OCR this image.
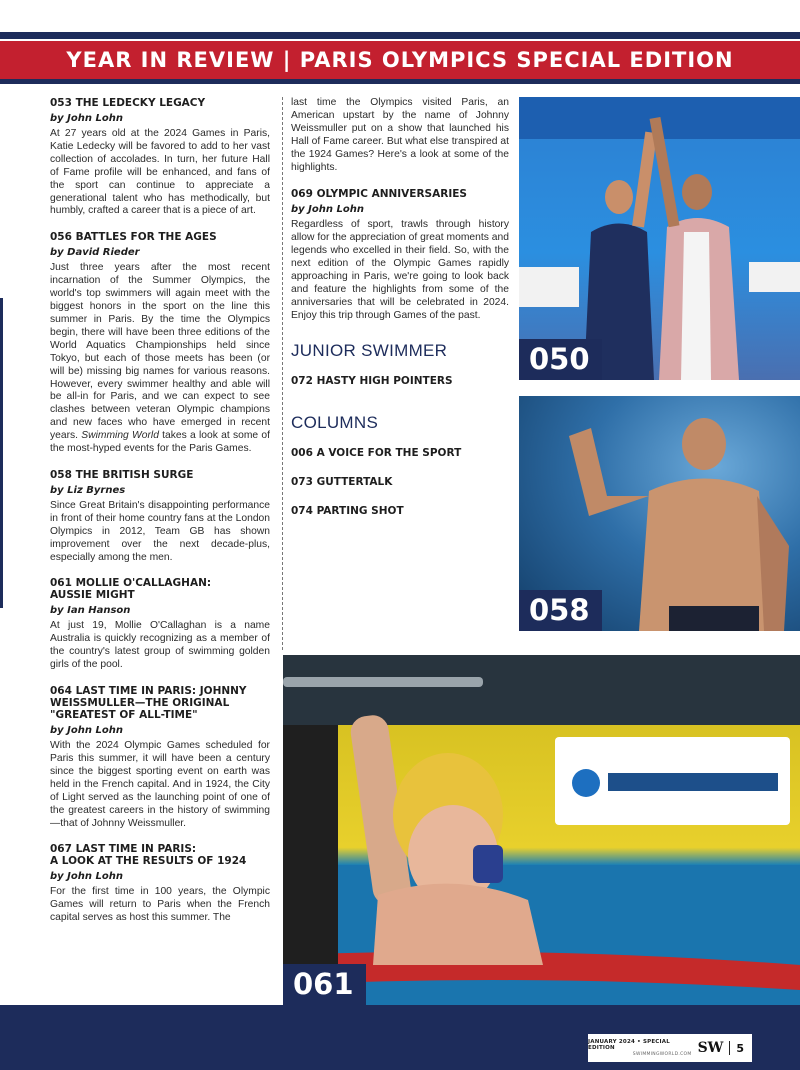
YEAR IN REVIEW | PARIS OLYMPICS SPECIAL EDITION
053 THE LEDECKY LEGACY
by John Lohn
At 27 years old at the 2024 Games in Paris, Katie Ledecky will be favored to add to her vast collection of accolades. In turn, her future Hall of Fame profile will be enhanced, and fans of the sport can continue to appreciate a generational talent who has methodically, but humbly, crafted a career that is a piece of art.
056 BATTLES FOR THE AGES
by David Rieder
Just three years after the most recent incarnation of the Summer Olympics, the world's top swimmers will again meet with the biggest honors in the sport on the line this summer in Paris. By the time the Olympics begin, there will have been three editions of the World Aquatics Championships held since Tokyo, but each of those meets has been (or will be) missing big names for various reasons. However, every swimmer healthy and able will be all-in for Paris, and we can expect to see clashes between veteran Olympic champions and new faces who have emerged in recent years. Swimming World takes a look at some of the most-hyped events for the Paris Games.
058 THE BRITISH SURGE
by Liz Byrnes
Since Great Britain's disappointing performance in front of their home country fans at the London Olympics in 2012, Team GB has shown improvement over the next decade-plus, especially among the men.
061 MOLLIE O'CALLAGHAN:
AUSSIE MIGHT
by Ian Hanson
At just 19, Mollie O'Callaghan is a name Australia is quickly recognizing as a member of the country's latest group of swimming golden girls of the pool.
064 LAST TIME IN PARIS: JOHNNY WEISSMULLER—THE ORIGINAL "GREATEST OF ALL-TIME"
by John Lohn
With the 2024 Olympic Games scheduled for Paris this summer, it will have been a century since the biggest sporting event on earth was held in the French capital. And in 1924, the City of Light served as the launching point of one of the greatest careers in the history of swimming—that of Johnny Weissmuller.
067 LAST TIME IN PARIS:
A LOOK AT THE RESULTS OF 1924
by John Lohn
For the first time in 100 years, the Olympic Games will return to Paris when the French capital serves as host this summer. The
last time the Olympics visited Paris, an American upstart by the name of Johnny Weissmuller put on a show that launched his Hall of Fame career. But what else transpired at the 1924 Games? Here's a look at some of the highlights.
069 OLYMPIC ANNIVERSARIES
by John Lohn
Regardless of sport, trawls through history allow for the appreciation of great moments and legends who excelled in their field. So, with the next edition of the Olympic Games rapidly approaching in Paris, we're going to look back and feature the highlights from some of the anniversaries that will be celebrated in 2024. Enjoy this trip through Games of the past.
JUNIOR SWIMMER
072 HASTY HIGH POINTERS
COLUMNS
006 A VOICE FOR THE SPORT
073 GUTTERTALK
074 PARTING SHOT
050
058
061
JANUARY 2024 • SPECIAL EDITION
SWIMMINGWORLD.COM SW 5
